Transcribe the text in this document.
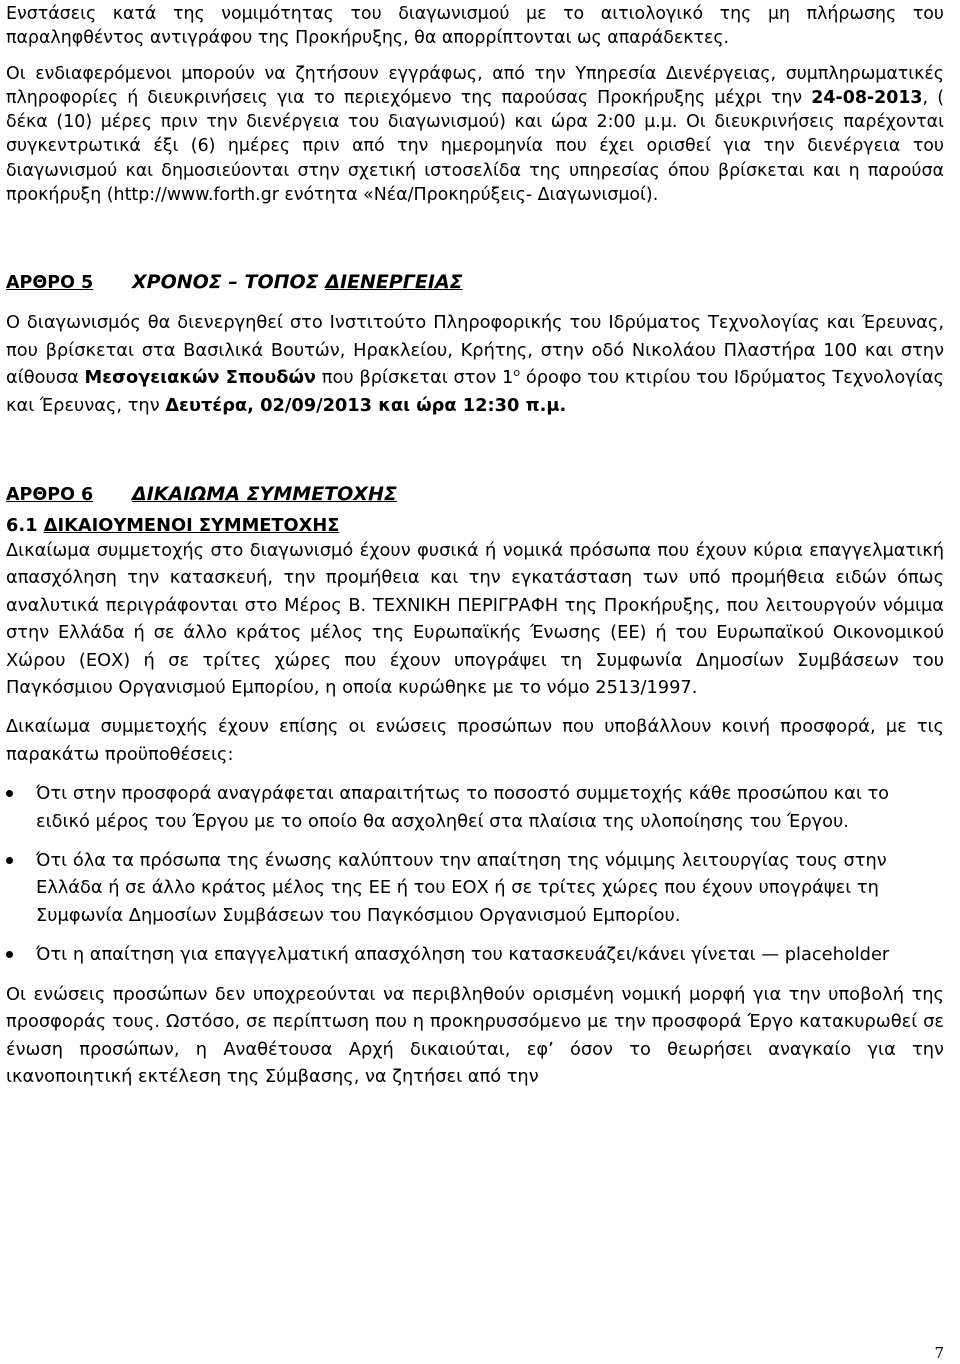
Ενστάσεις κατά της νομιμότητας του διαγωνισμού με το αιτιολογικό της μη πλήρωσης του παραληφθέντος αντιγράφου της Προκήρυξης, θα απορρίπτονται ως απαράδεκτες.

Οι ενδιαφερόμενοι μπορούν να ζητήσουν εγγράφως, από την Υπηρεσία Διενέργειας, συμπληρωματικές πληροφορίες ή διευκρινήσεις για το περιεχόμενο της παρούσας Προκήρυξης μέχρι την 24-08-2013, ( δέκα (10) μέρες πριν την διενέργεια του διαγωνισμού) και ώρα 2:00 μ.μ. Οι διευκρινήσεις παρέχονται συγκεντρωτικά έξι (6) ημέρες πριν από την ημερομηνία που έχει ορισθεί για την διενέργεια του διαγωνισμού και δημοσιεύονται στην σχετική ιστοσελίδα της υπηρεσίας όπου βρίσκεται και η παρούσα προκήρυξη (http://www.forth.gr ενότητα «Νέα/Προκηρύξεις- Διαγωνισμοί).

ΑΡΘΡΟ 5	ΧΡΟΝΟΣ – ΤΟΠΟΣ ΔΙΕΝΕΡΓΕΙΑΣ

Ο διαγωνισμός θα διενεργηθεί στο Ινστιτούτο Πληροφορικής του Ιδρύματος Τεχνολογίας και Έρευνας, που βρίσκεται στα Βασιλικά Βουτών, Ηρακλείου, Κρήτης, στην οδό Νικολάου Πλαστήρα 100 και στην αίθουσα Μεσογειακών Σπουδών που βρίσκεται στον $1^o$ όροφο του κτιρίου του Ιδρύματος Τεχνολογίας και Έρευνας, την Δευτέρα, 02/09/2013 και ώρα 12:30 π.μ.

ΑΡΘΡΟ 6	ΔΙΚΑΙΩΜΑ ΣΥΜΜΕΤΟΧΗΣ
6.1 ΔΙΚΑΙΟΥΜΕΝΟΙ ΣΥΜΜΕΤΟΧΗΣ

Δικαίωμα συμμετοχής στο διαγωνισμό έχουν φυσικά ή νομικά πρόσωπα που έχουν κύρια επαγγελματική απασχόληση την κατασκευή, την προμήθεια και την εγκατάσταση των υπό προμήθεια ειδών όπως αναλυτικά περιγράφονται στο Μέρος Β. ΤΕΧΝΙΚΗ ΠΕΡΙΓΡΑΦΗ της Προκήρυξης, που λειτουργούν νόμιμα στην Ελλάδα ή σε άλλο κράτος μέλος της Ευρωπαϊκής Ένωσης (ΕΕ) ή του Ευρωπαϊκού Οικονομικού Χώρου (ΕΟΧ) ή σε τρίτες χώρες που έχουν υπογράψει τη Συμφωνία Δημοσίων Συμβάσεων του Παγκόσμιου Οργανισμού Εμπορίου, η οποία κυρώθηκε με το νόμο 2513/1997.

Δικαίωμα συμμετοχής έχουν επίσης οι ενώσεις προσώπων που υποβάλλουν κοινή προσφορά, με τις παρακάτω προϋποθέσεις:

Ότι στην προσφορά αναγράφεται απαραιτήτως το ποσοστό συμμετοχής κάθε προσώπου και το ειδικό μέρος του Έργου με το οποίο θα ασχοληθεί στα πλαίσια της υλοποίησης του Έργου.
Ότι όλα τα πρόσωπα της ένωσης καλύπτουν την απαίτηση της νόμιμης λειτουργίας τους στην Ελλάδα ή σε άλλο κράτος μέλος της ΕΕ ή του ΕΟΧ ή σε τρίτες χώρες που έχουν υπογράψει τη Συμφωνία Δημοσίων Συμβάσεων του Παγκόσμιου Οργανισμού Εμπορίου.
Ότι η απαίτηση για επαγγελματική απασχόληση του κατασκευάζει/κάνει γίνεται — placeholder

Οι ενώσεις προσώπων δεν υποχρεούνται να περιβληθούν ορισμένη νομική μορφή για την υποβολή της προσφοράς τους. Ωστόσο, σε περίπτωση που η προκηρυσσόμενο με την προσφορά Έργο κατακυρωθεί σε ένωση προσώπων, η Αναθέτουσα Αρχή δικαιούται, εφ’ όσον το θεωρήσει αναγκαίο για την ικανοποιητική εκτέλεση της Σύμβασης, να ζητήσει από την

7
